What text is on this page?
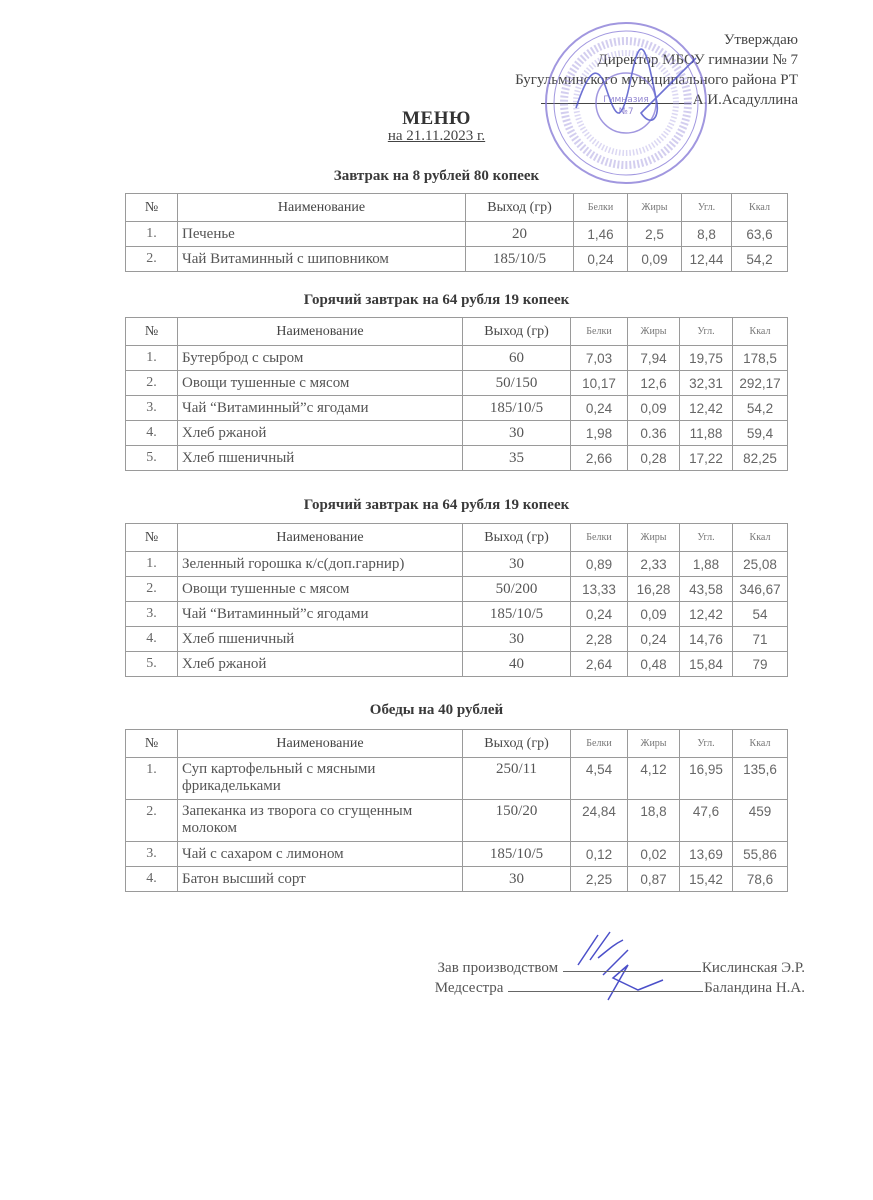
Утверждаю
Директор МБОУ гимназии № 7
Бугульминского муниципального района РТ
А.И.Асадуллина
Гимназия
№7
МЕНЮ
на 21.11.2023 г.
Завтрак на 8 рублей 80 копеек
№	Наименование	Выход (гр)	Белки	Жиры	Угл.	Ккал
1.	Печенье	20	1,46	2,5	8,8	63,6
2.	Чай Витаминный с шиповником	185/10/5	0,24	0,09	12,44	54,2
Горячий завтрак на 64 рубля 19 копеек
№	Наименование	Выход (гр)	Белки	Жиры	Угл.	Ккал
1.	Бутерброд с сыром	60	7,03	7,94	19,75	178,5
2.	Овощи тушенные с мясом	50/150	10,17	12,6	32,31	292,17
3.	Чай “Витаминный”с ягодами	185/10/5	0,24	0,09	12,42	54,2
4.	Хлеб ржаной	30	1,98	0.36	11,88	59,4
5.	Хлеб пшеничный	35	2,66	0,28	17,22	82,25
Горячий завтрак на 64 рубля 19 копеек
№	Наименование	Выход (гр)	Белки	Жиры	Угл.	Ккал
1.	Зеленный горошка к/с(доп.гарнир)	30	0,89	2,33	1,88	25,08
2.	Овощи тушенные с мясом	50/200	13,33	16,28	43,58	346,67
3.	Чай “Витаминный”с ягодами	185/10/5	0,24	0,09	12,42	54
4.	Хлеб пшеничный	30	2,28	0,24	14,76	71
5.	Хлеб ржаной	40	2,64	0,48	15,84	79
Обеды на 40 рублей
№	Наименование	Выход (гр)	Белки	Жиры	Угл.	Ккал
1.	Суп картофельный с мясными фрикадельками	250/11	4,54	4,12	16,95	135,6
2.	Запеканка из творога со сгущенным молоком	150/20	24,84	18,8	47,6	459
3.	Чай с сахаром с лимоном	185/10/5	0,12	0,02	13,69	55,86
4.	Батон высший сорт	30	2,25	0,87	15,42	78,6
Зав производством	Кислинская Э.Р.
Медсестра	Баландина Н.А.
